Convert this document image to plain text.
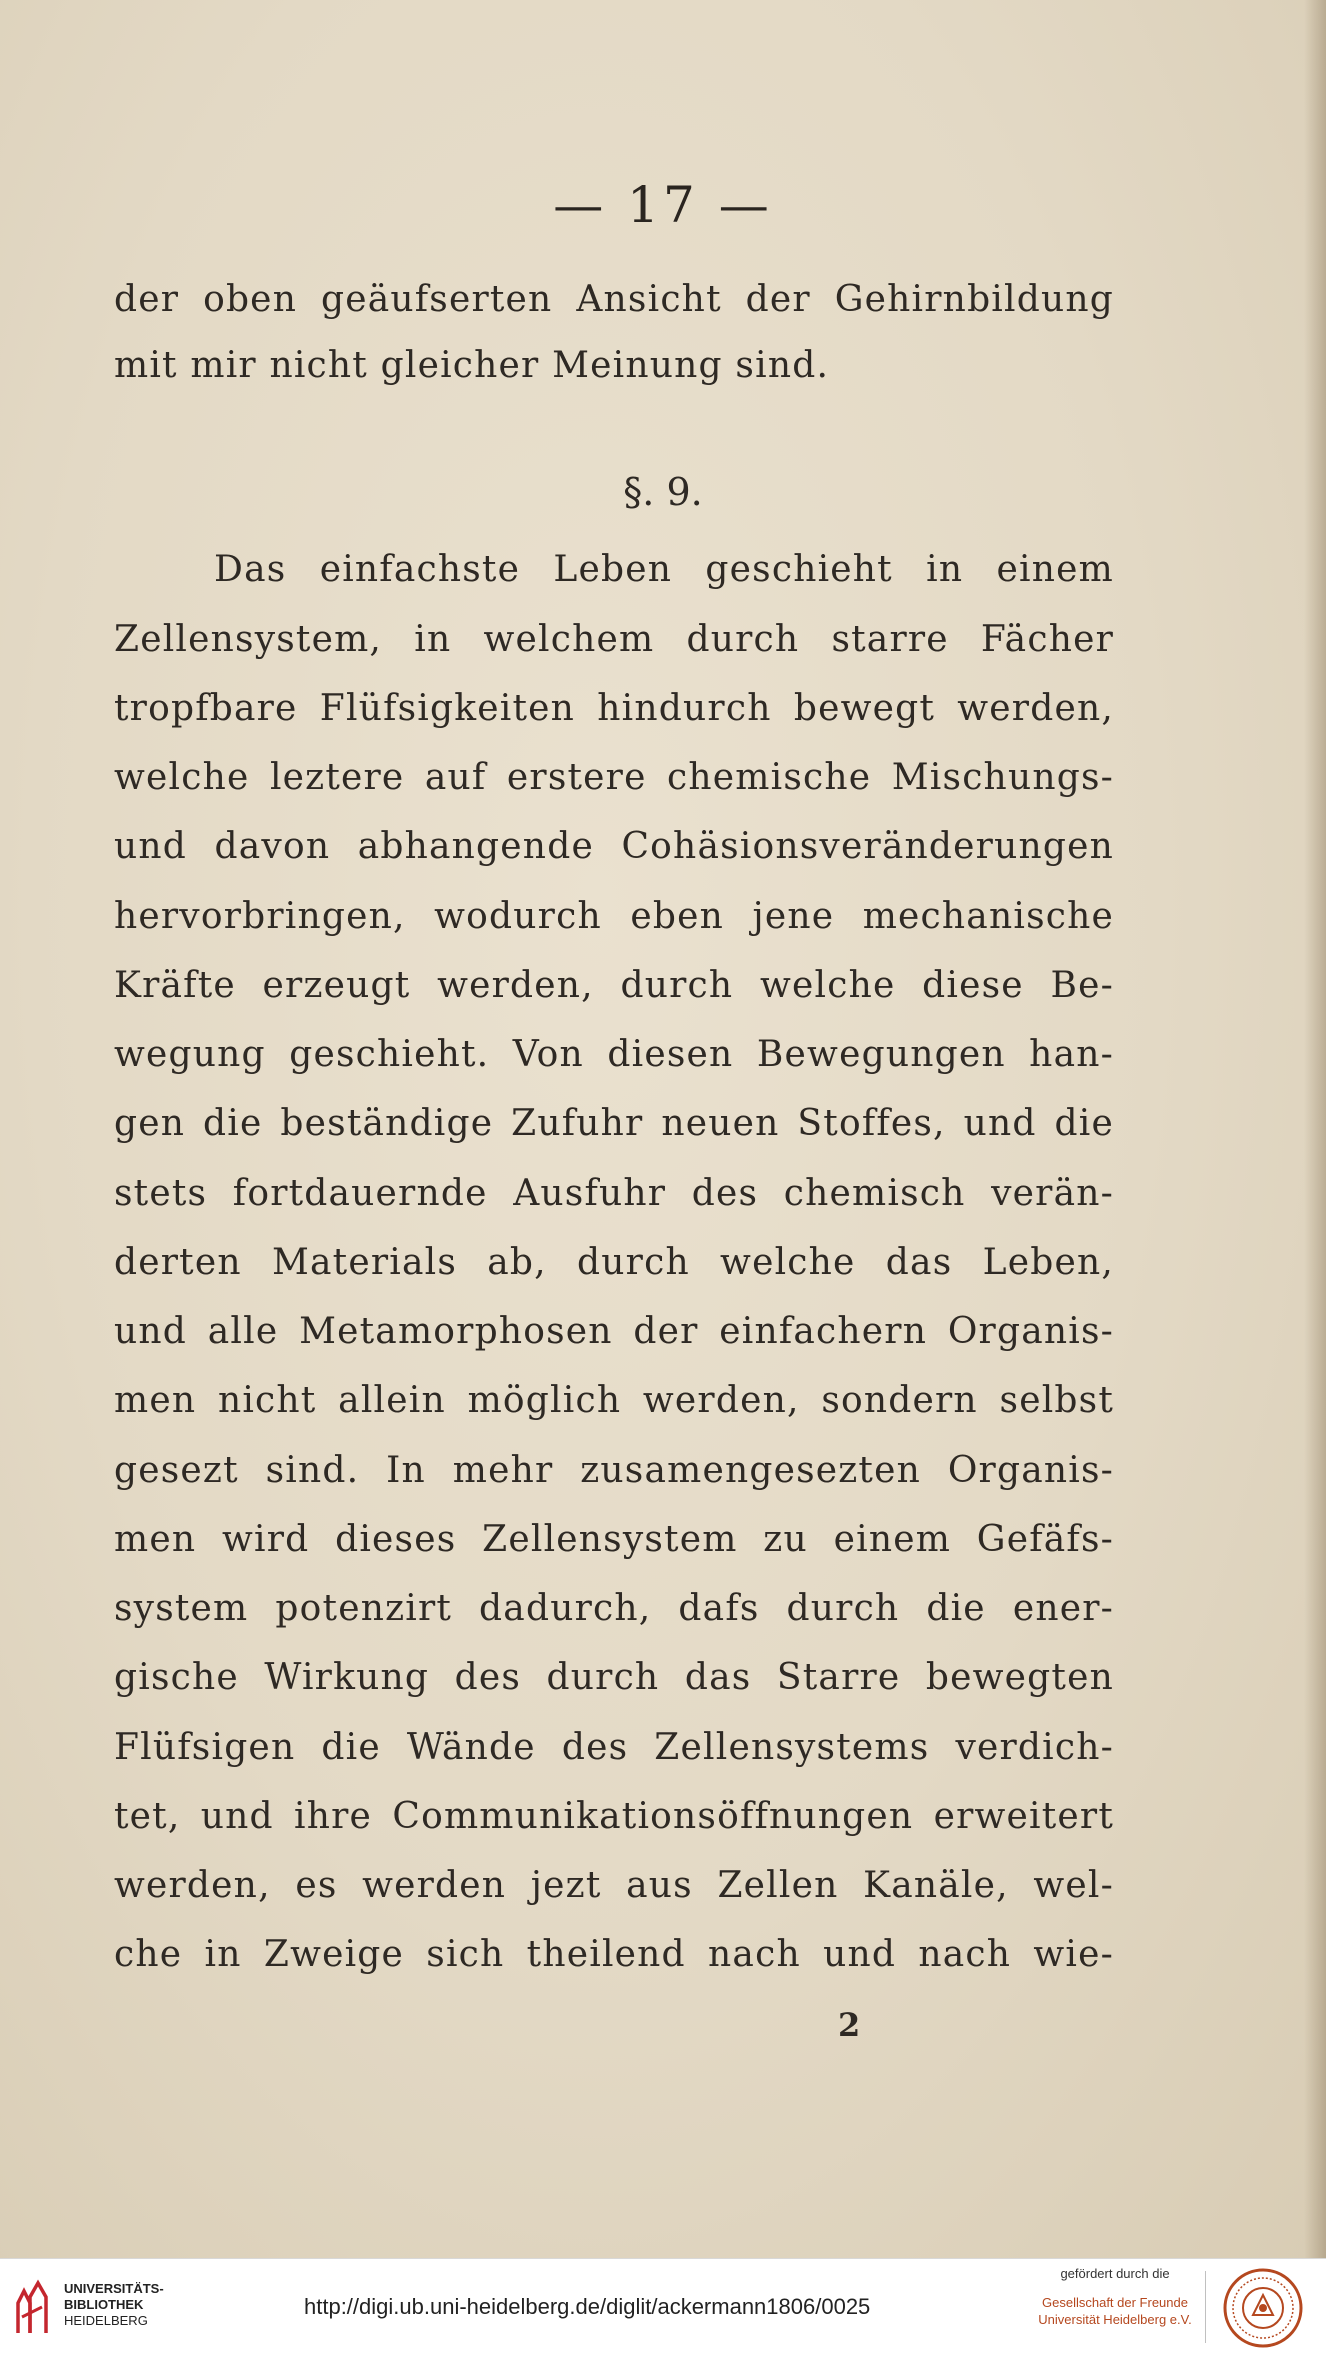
— 17 —
der oben geäufserten Ansicht der Gehirnbildung
mit mir nicht gleicher Meinung sind.
§. 9.
Das einfachste Leben geschieht in einem
Zellensystem, in welchem durch starre Fächer
tropfbare Flüfsigkeiten hindurch bewegt werden,
welche leztere auf erstere chemische Mischungs-
und davon abhangende Cohäsionsveränderungen
hervorbringen, wodurch eben jene mechanische
Kräfte erzeugt werden, durch welche diese Be-
wegung geschieht. Von diesen Bewegungen han-
gen die beständige Zufuhr neuen Stoffes, und die
stets fortdauernde Ausfuhr des chemisch verän-
derten Materials ab, durch welche das Leben,
und alle Metamorphosen der einfachern Organis-
men nicht allein möglich werden, sondern selbst
gesezt sind. In mehr zusamengesezten Organis-
men wird dieses Zellensystem zu einem Gefäfs-
system potenzirt dadurch, dafs durch die ener-
gische Wirkung des durch das Starre bewegten
Flüfsigen die Wände des Zellensystems verdich-
tet, und ihre Communikationsöffnungen erweitert
werden, es werden jezt aus Zellen Kanäle, wel-
che in Zweige sich theilend nach und nach wie-
2
UNIVERSITÄTS-
BIBLIOTHEK
HEIDELBERG
http://digi.ub.uni-heidelberg.de/diglit/ackermann1806/0025
gefördert durch die
Gesellschaft der Freunde
Universität Heidelberg e.V.
